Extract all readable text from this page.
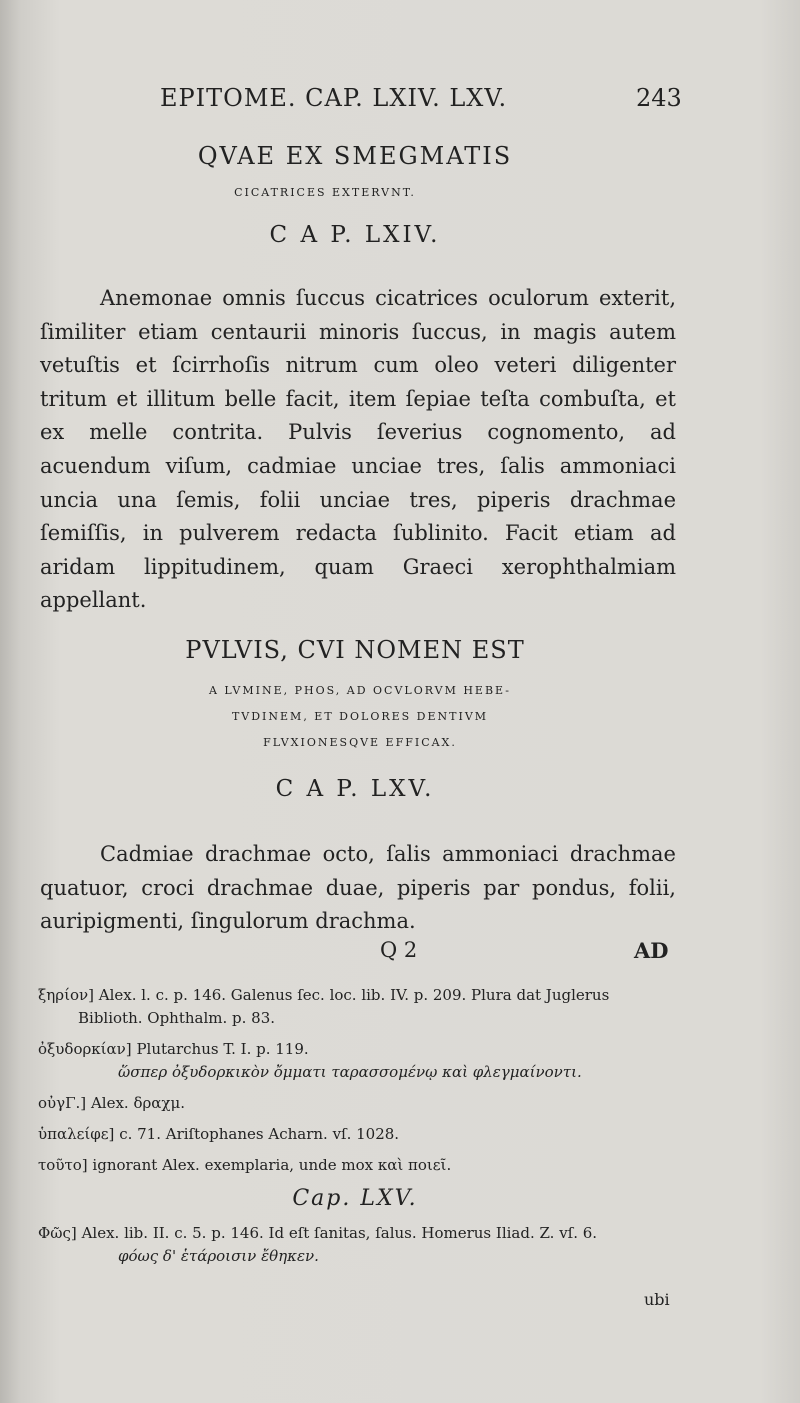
EPITOME. CAP. LXIV. LXV.	243
QVAE EX SMEGMATIS
CICATRICES EXTERVNT.
C A P. LXIV.

Anemonae omnis ſuccus cicatrices oculorum exterit, ſimiliter etiam centaurii minoris ſuccus, in magis autem vetuſtis et ſcirrhoſis nitrum cum oleo veteri diligenter tritum et illitum belle facit, item ſepiae teſta combuſta, et ex melle contrita. Pulvis ſeverius cognomento, ad acuendum viſum, cadmiae unciae tres, ſalis ammoniaci uncia una ſemis, folii unciae tres, piperis drachmae ſemiſſis, in pulverem redacta ſublinito. Facit etiam ad aridam lippitudinem, quam Graeci xerophthalmiam appellant.

PVLVIS, CVI NOMEN EST
A LVMINE, PHOS, AD OCVLORVM HEBE-
TVDINEM, ET DOLORES DENTIVM
FLVXIONESQVE EFFICAX.
C A P. LXV.

Cadmiae drachmae octo, ſalis ammoniaci drachmae quatuor, croci drachmae duae, piperis par pondus, folii, auripigmenti, ſingulorum drachma.

Q 2	AD
ξηρίον] Alex. l. c. p. 146. Galenus ſec. loc. lib. IV. p. 209. Plura dat Juglerus Biblioth. Ophthalm. p. 83.
ὀξυδορκίαν] Plutarchus T. I. p. 119.
ὥσπερ ὀξυδορκικὸν ὄμματι ταρασσομένῳ καὶ φλεγμαίνοντι.
οὐγΓ.] Alex. δραχμ.
ὑπαλείφε] c. 71. Ariſtophanes Acharn. vſ. 1028.
τοῦτο] ignorant Alex. exemplaria, unde mox καὶ ποιεῖ.
Cap. LXV.
Φῶς] Alex. lib. II. c. 5. p. 146. Id eſt ſanitas, ſalus. Homerus Iliad. Z. vſ. 6.
φόως δ' ἑτάροισιν ἔθηκεν.
ubi
